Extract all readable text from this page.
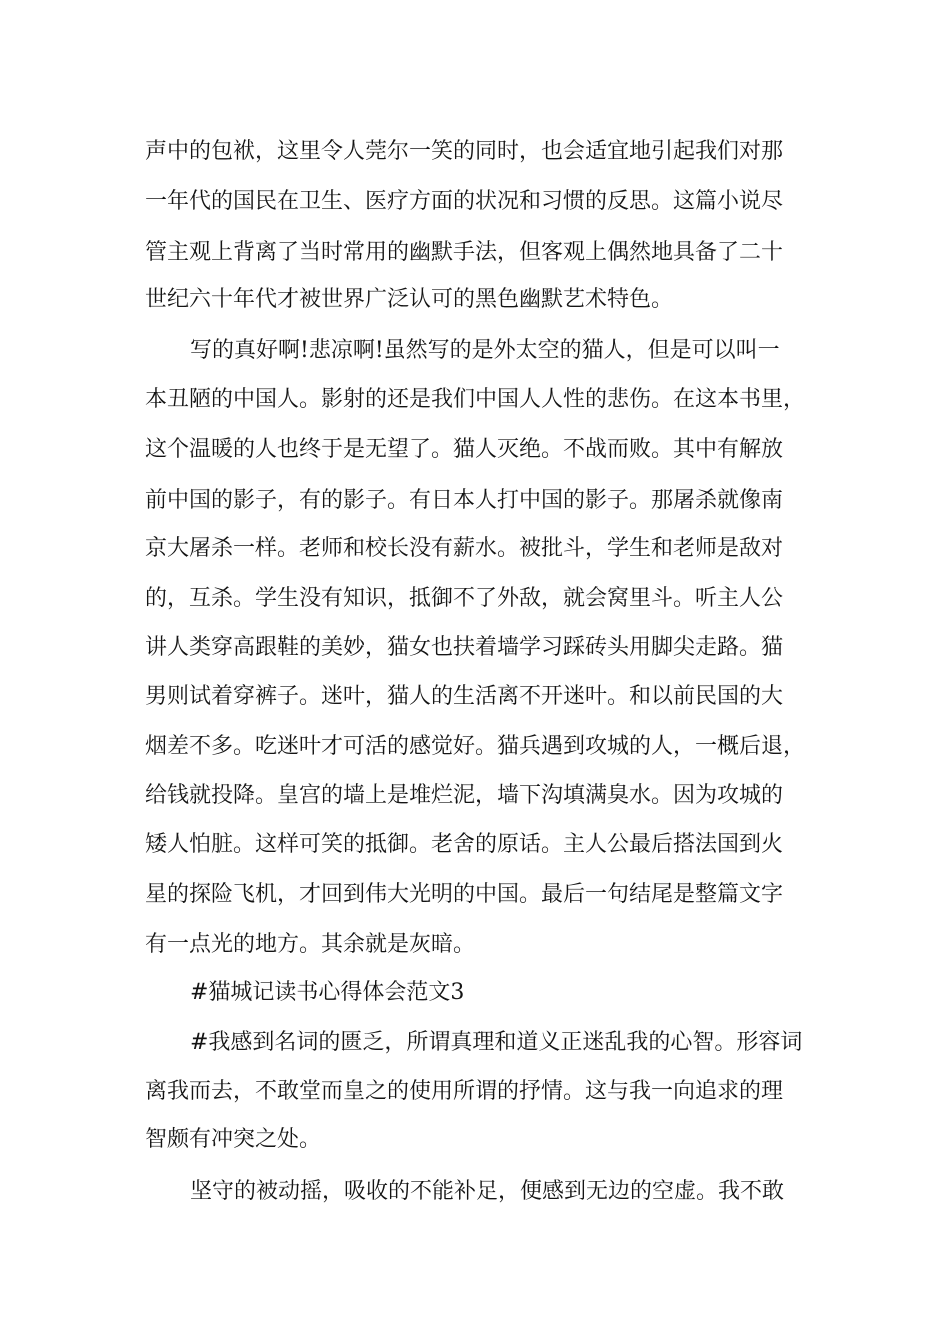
声中的包袱，这里令人莞尔一笑的同时，也会适宜地引起我们对那
一年代的国民在卫生、医疗方面的状况和习惯的反思。这篇小说尽
管主观上背离了当时常用的幽默手法，但客观上偶然地具备了二十
世纪六十年代才被世界广泛认可的黑色幽默艺术特色。
写的真好啊!悲凉啊!虽然写的是外太空的猫人，但是可以叫一
本丑陋的中国人。影射的还是我们中国人人性的悲伤。在这本书里，
这个温暖的人也终于是无望了。猫人灭绝。不战而败。其中有解放
前中国的影子，有的影子。有日本人打中国的影子。那屠杀就像南
京大屠杀一样。老师和校长没有薪水。被批斗，学生和老师是敌对
的，互杀。学生没有知识，抵御不了外敌，就会窝里斗。听主人公
讲人类穿高跟鞋的美妙，猫女也扶着墙学习踩砖头用脚尖走路。猫
男则试着穿裤子。迷叶，猫人的生活离不开迷叶。和以前民国的大
烟差不多。吃迷叶才可活的感觉好。猫兵遇到攻城的人，一概后退，
给钱就投降。皇宫的墙上是堆烂泥，墙下沟填满臭水。因为攻城的
矮人怕脏。这样可笑的抵御。老舍的原话。主人公最后搭法国到火
星的探险飞机，才回到伟大光明的中国。最后一句结尾是整篇文字
有一点光的地方。其余就是灰暗。
#猫城记读书心得体会范文3
#我感到名词的匮乏，所谓真理和道义正迷乱我的心智。形容词
离我而去，不敢堂而皇之的使用所谓的抒情。这与我一向追求的理
智颇有冲突之处。
坚守的被动摇，吸收的不能补足，便感到无边的空虚。我不敢
